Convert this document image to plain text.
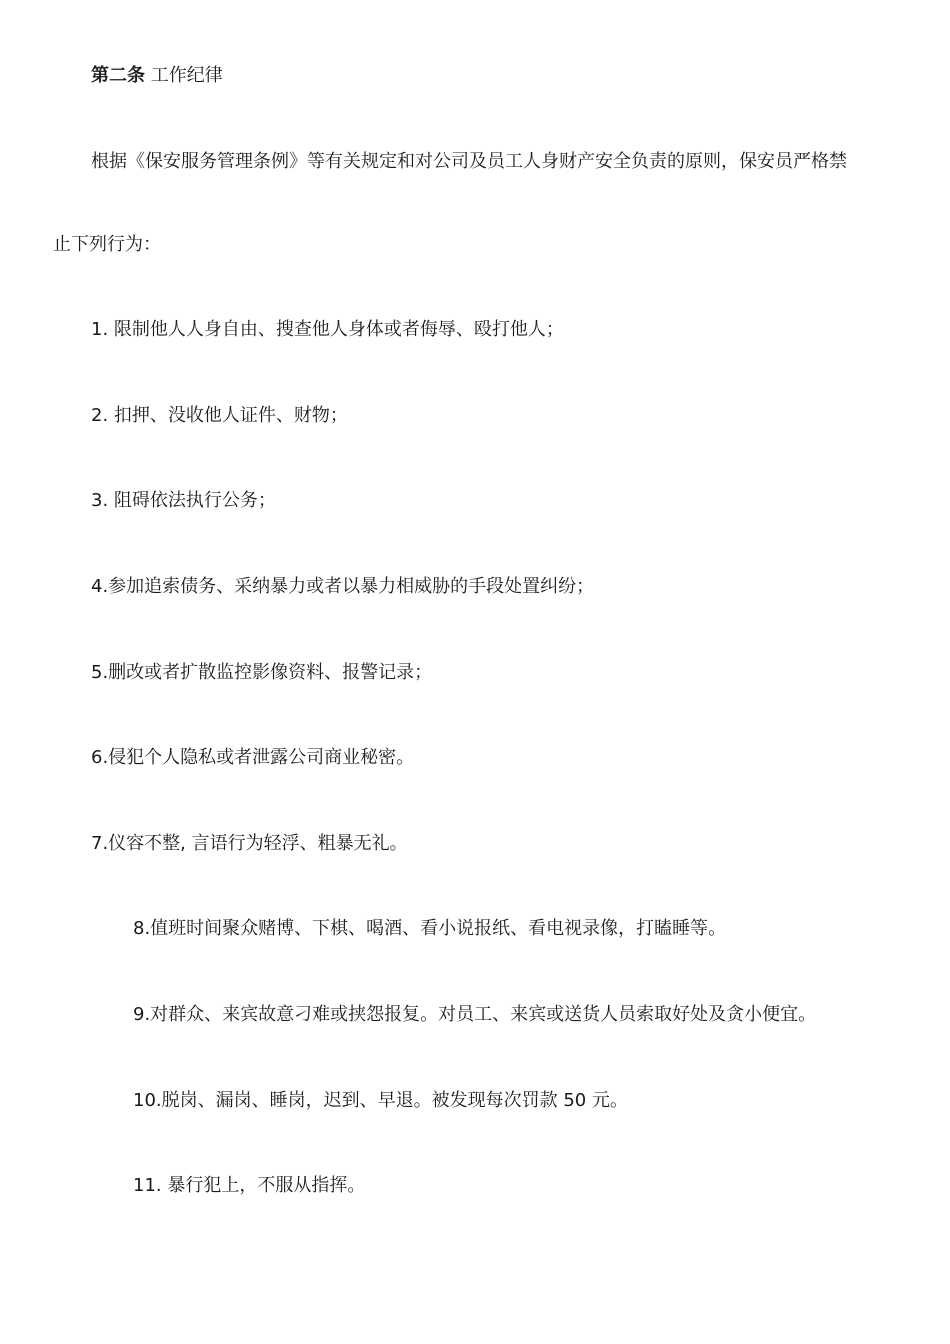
第二条 工作纪律
根据《保安服务管理条例》等有关规定和对公司及员工人身财产安全负责的原则，保安员严格禁
止下列行为：
1. 限制他人人身自由、搜查他人身体或者侮辱、殴打他人；
2. 扣押、没收他人证件、财物；
3. 阻碍依法执行公务；
4.参加追索债务、采纳暴力或者以暴力相威胁的手段处置纠纷；
5.删改或者扩散监控影像资料、报警记录；
6.侵犯个人隐私或者泄露公司商业秘密。
7.仪容不整, 言语行为轻浮、粗暴无礼。
8.值班时间聚众赌博、下棋、喝酒、看小说报纸、看电视录像，打瞌睡等。
9.对群众、来宾故意刁难或挟怨报复。对员工、来宾或送货人员索取好处及贪小便宜。
10.脱岗、漏岗、睡岗，迟到、早退。被发现每次罚款 50 元。
11. 暴行犯上，不服从指挥。
